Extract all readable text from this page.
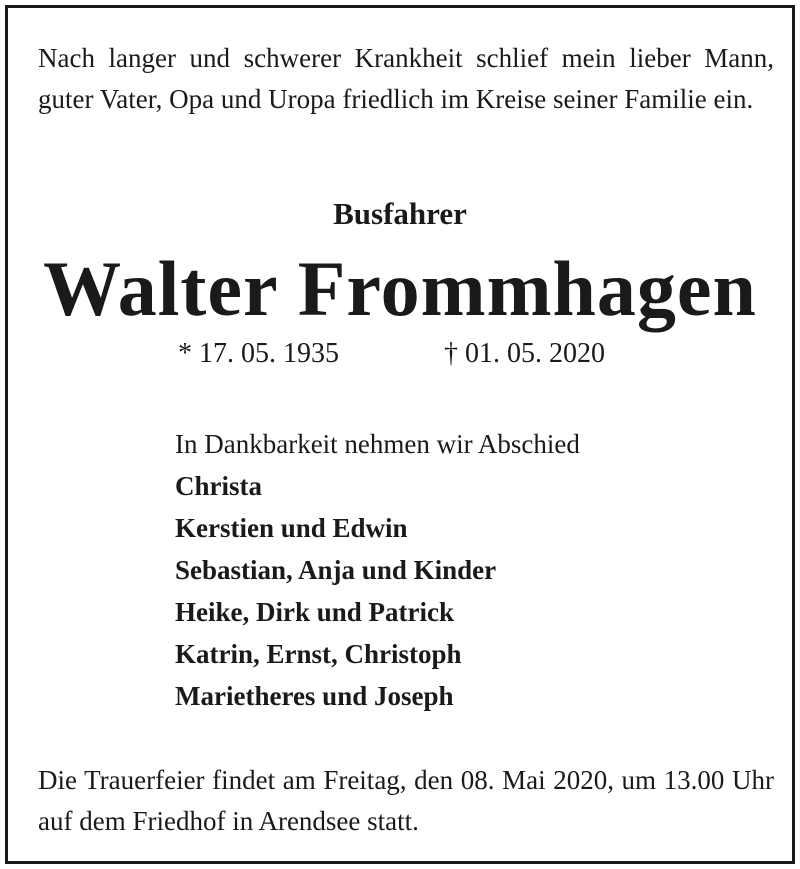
Nach langer und schwerer Krankheit schlief mein lieber Mann, guter Vater, Opa und Uropa friedlich im Kreise seiner Familie ein.

Busfahrer
Walter Frommhagen

* 17. 05. 1935	† 01. 05. 2020

In Dankbarkeit nehmen wir Abschied
Christa
Kerstien und Edwin
Sebastian, Anja und Kinder
Heike, Dirk und Patrick
Katrin, Ernst, Christoph
Marietheres und Joseph

Die Trauerfeier findet am Freitag, den 08. Mai 2020, um 13.00 Uhr auf dem Friedhof in Arendsee statt.
